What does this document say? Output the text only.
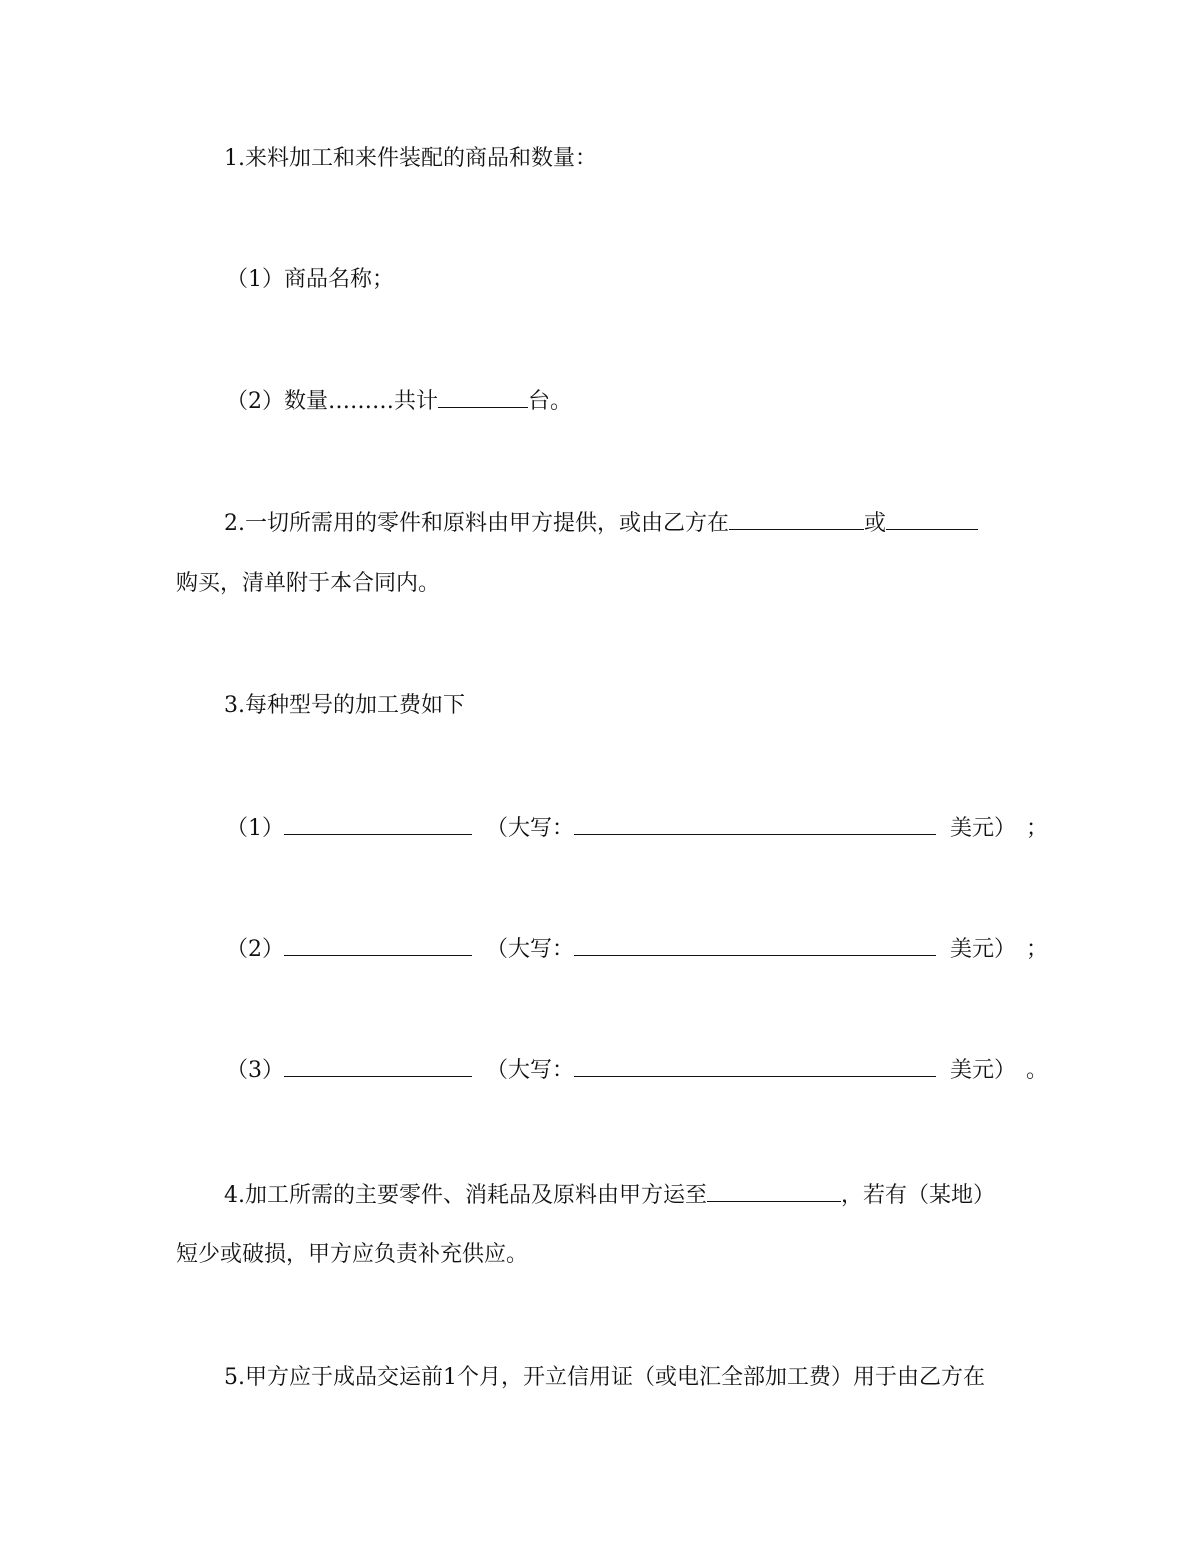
1.来料加工和来件装配的商品和数量：
（1）商品名称；
（2）数量………共计	台。
2.一切所需用的零件和原料由甲方提供，或由乙方在	或
购买，清单附于本合同内。
3.每种型号的加工费如下
（1）	（大写：	美元） ；
（2）	（大写：	美元） ；
（3）	（大写：	美元） 。
4.加工所需的主要零件、消耗品及原料由甲方运至	，若有（某地）
短少或破损，甲方应负责补充供应。
5.甲方应于成品交运前1个月，开立信用证（或电汇全部加工费）用于由乙方在
